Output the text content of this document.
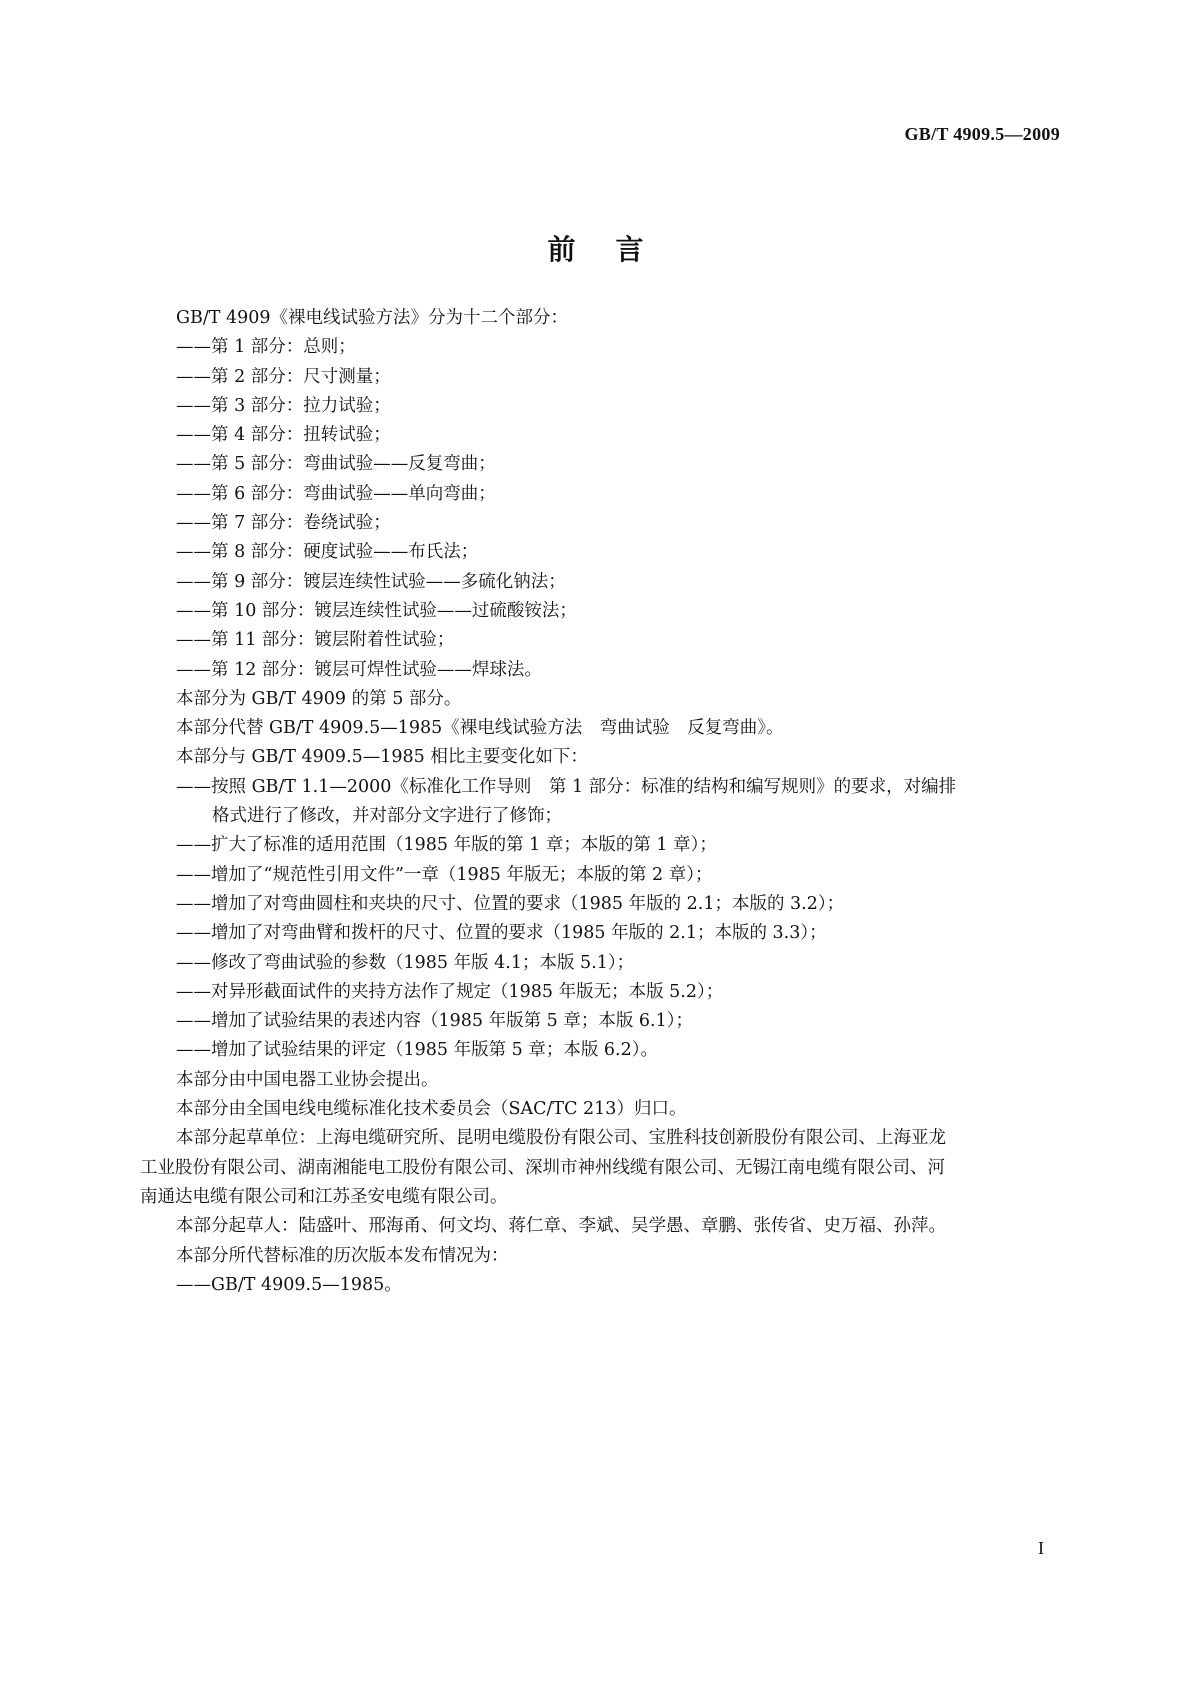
GB/T 4909.5—2009
前言
GB/T 4909《裸电线试验方法》分为十二个部分：
——第 1 部分：总则；
——第 2 部分：尺寸测量；
——第 3 部分：拉力试验；
——第 4 部分：扭转试验；
——第 5 部分：弯曲试验——反复弯曲；
——第 6 部分：弯曲试验——单向弯曲；
——第 7 部分：卷绕试验；
——第 8 部分：硬度试验——布氏法；
——第 9 部分：镀层连续性试验——多硫化钠法；
——第 10 部分：镀层连续性试验——过硫酸铵法；
——第 11 部分：镀层附着性试验；
——第 12 部分：镀层可焊性试验——焊球法。
本部分为 GB/T 4909 的第 5 部分。
本部分代替 GB/T 4909.5—1985《裸电线试验方法　弯曲试验　反复弯曲》。
本部分与 GB/T 4909.5—1985 相比主要变化如下：
——按照 GB/T 1.1—2000《标准化工作导则　第 1 部分：标准的结构和编写规则》的要求，对编排
格式进行了修改，并对部分文字进行了修饰；
——扩大了标准的适用范围（1985 年版的第 1 章；本版的第 1 章）；
——增加了“规范性引用文件”一章（1985 年版无；本版的第 2 章）；
——增加了对弯曲圆柱和夹块的尺寸、位置的要求（1985 年版的 2.1；本版的 3.2）；
——增加了对弯曲臂和拨杆的尺寸、位置的要求（1985 年版的 2.1；本版的 3.3）；
——修改了弯曲试验的参数（1985 年版 4.1；本版 5.1）；
——对异形截面试件的夹持方法作了规定（1985 年版无；本版 5.2）；
——增加了试验结果的表述内容（1985 年版第 5 章；本版 6.1）；
——增加了试验结果的评定（1985 年版第 5 章；本版 6.2）。
本部分由中国电器工业协会提出。
本部分由全国电线电缆标准化技术委员会（SAC/TC 213）归口。
本部分起草单位：上海电缆研究所、昆明电缆股份有限公司、宝胜科技创新股份有限公司、上海亚龙
工业股份有限公司、湖南湘能电工股份有限公司、深圳市神州线缆有限公司、无锡江南电缆有限公司、河
南通达电缆有限公司和江苏圣安电缆有限公司。
本部分起草人：陆盛叶、邢海甬、何文均、蒋仁章、李斌、吴学愚、章鹏、张传省、史万福、孙萍。
本部分所代替标准的历次版本发布情况为：
——GB/T 4909.5—1985。
I
